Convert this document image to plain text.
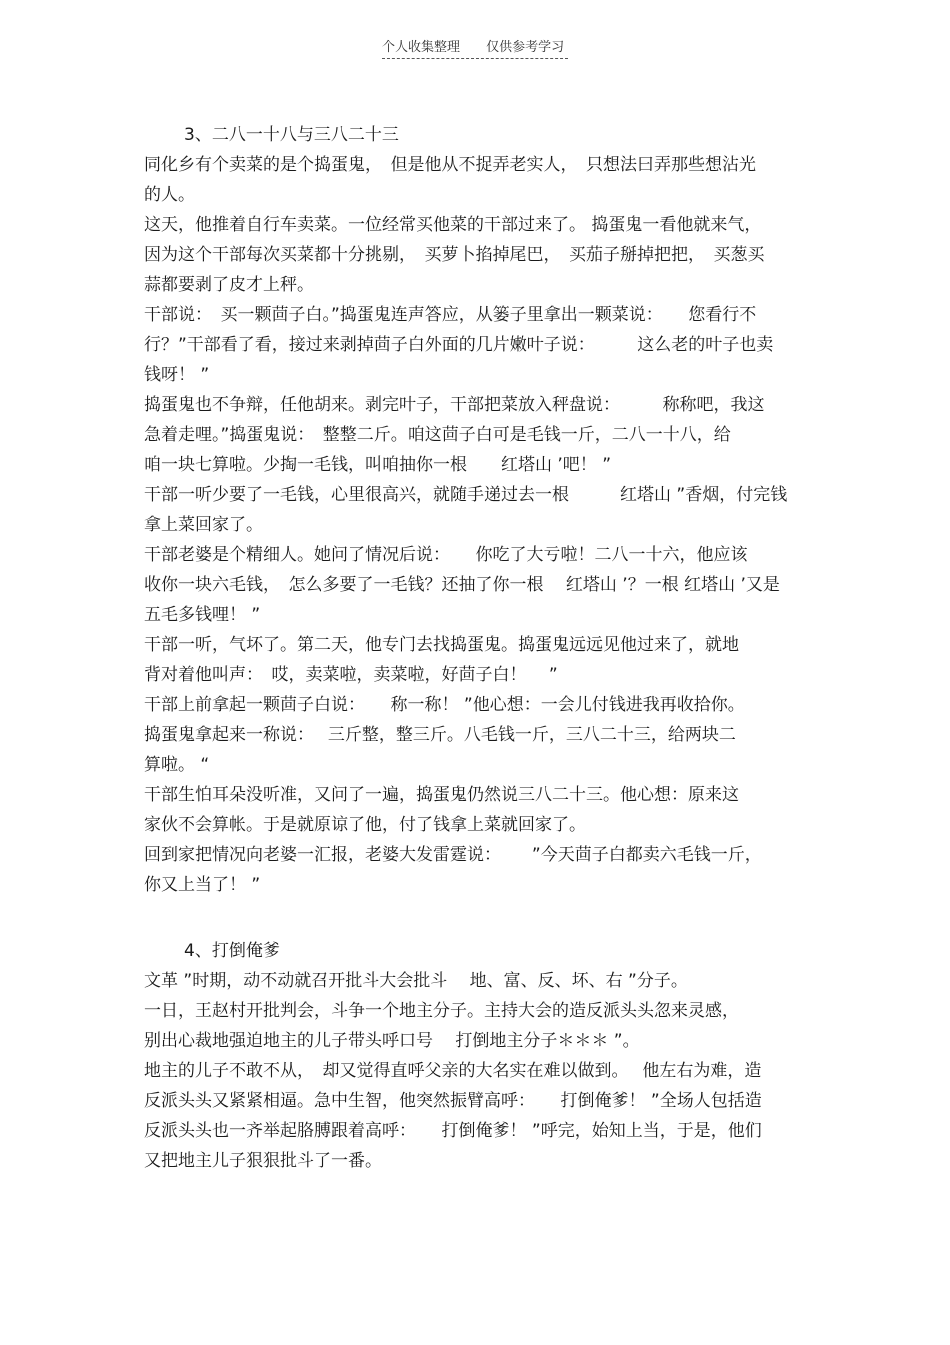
个人收集整理 仅供参考学习
3、二八一十八与三八二十三
同化乡有个卖菜的是个捣蛋鬼，　但是他从不捉弄老实人，　只想法曰弄那些想沾光
的人。
这天，他推着自行车卖菜。一位经常买他菜的干部过来了。 捣蛋鬼一看他就来气，
因为这个干部每次买菜都十分挑剔，　买萝卜掐掉尾巴，　买茄子掰掉把把，　买葱买
蒜都要剥了皮才上秤。
干部说：　买一颗茴子白。”捣蛋鬼连声答应，从篓子里拿出一颗菜说：　　您看行不
行？”干部看了看，接过来剥掉茴子白外面的几片嫩叶子说：　　　这么老的叶子也卖
钱呀！ ”
捣蛋鬼也不争辩，任他胡来。剥完叶子，干部把菜放入秤盘说：　　　称称吧，我这
急着走哩。”捣蛋鬼说：　整整二斤。咱这茴子白可是毛钱一斤，二八一十八，给
咱一块七算啦。少掏一毛钱，叫咱抽你一根　　红塔山 ’吧！ ”
干部一听少要了一毛钱，心里很高兴，就随手递过去一根　　　红塔山 ”香烟，付完钱
拿上菜回家了。
干部老婆是个精细人。她问了情况后说：　　你吃了大亏啦！二八一十六，他应该
收你一块六毛钱，　怎么多要了一毛钱？还抽了你一根　 红塔山 ’？一根 红塔山 ’又是
五毛多钱哩！ ”
干部一听，气坏了。第二天，他专门去找捣蛋鬼。捣蛋鬼远远见他过来了，就地
背对着他叫声：　哎，卖菜啦，卖菜啦，好茴子白！　 ”
干部上前拿起一颗茴子白说：　　称一称！ ”他心想：一会儿付钱进我再收拾你。
捣蛋鬼拿起来一称说：　 三斤整，整三斤。八毛钱一斤，三八二十三，给两块二
算啦。 “
干部生怕耳朵没听准，又问了一遍，捣蛋鬼仍然说三八二十三。他心想：原来这
家伙不会算帐。于是就原谅了他，付了钱拿上菜就回家了。
回到家把情况向老婆一汇报，老婆大发雷霆说：　　 ”今天茴子白都卖六毛钱一斤，
你又上当了！ ”
4、打倒俺爹
文革 ”时期，动不动就召开批斗大会批斗　 地、富、反、坏、右 ”分子。
一日，王赵村开批判会，斗争一个地主分子。主持大会的造反派头头忽来灵感，
别出心裁地强迫地主的儿子带头呼口号　 打倒地主分子＊＊＊ ”。
地主的儿子不敢不从，　却又觉得直呼父亲的大名实在难以做到。　 他左右为难，造
反派头头又紧紧相逼。急中生智，他突然振臂高呼：　　打倒俺爹！ ”全场人包括造
反派头头也一齐举起胳膊跟着高呼：　　打倒俺爹！ ”呼完，始知上当，于是，他们
又把地主儿子狠狠批斗了一番。
